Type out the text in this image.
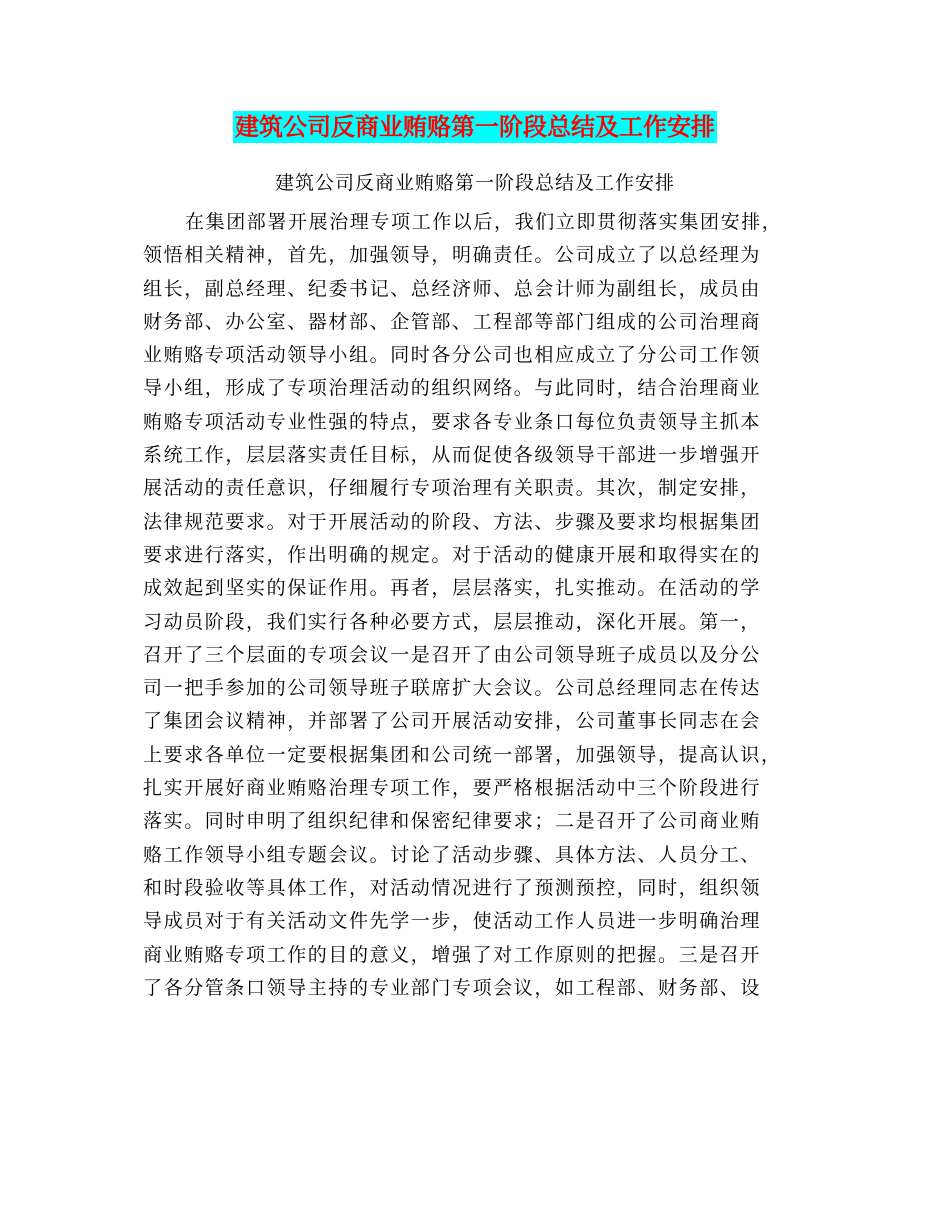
建筑公司反商业贿赂第一阶段总结及工作安排
建筑公司反商业贿赂第一阶段总结及工作安排
在集团部署开展治理专项工作以后，我们立即贯彻落实集团安排，
领悟相关精神，首先，加强领导，明确责任。公司成立了以总经理为
组长，副总经理、纪委书记、总经济师、总会计师为副组长，成员由
财务部、办公室、器材部、企管部、工程部等部门组成的公司治理商
业贿赂专项活动领导小组。同时各分公司也相应成立了分公司工作领
导小组，形成了专项治理活动的组织网络。与此同时，结合治理商业
贿赂专项活动专业性强的特点，要求各专业条口每位负责领导主抓本
系统工作，层层落实责任目标，从而促使各级领导干部进一步增强开
展活动的责任意识，仔细履行专项治理有关职责。其次，制定安排，
法律规范要求。对于开展活动的阶段、方法、步骤及要求均根据集团
要求进行落实，作出明确的规定。对于活动的健康开展和取得实在的
成效起到坚实的保证作用。再者，层层落实，扎实推动。在活动的学
习动员阶段，我们实行各种必要方式，层层推动，深化开展。第一，
召开了三个层面的专项会议一是召开了由公司领导班子成员以及分公
司一把手参加的公司领导班子联席扩大会议。公司总经理同志在传达
了集团会议精神，并部署了公司开展活动安排，公司董事长同志在会
上要求各单位一定要根据集团和公司统一部署，加强领导，提高认识，
扎实开展好商业贿赂治理专项工作，要严格根据活动中三个阶段进行
落实。同时申明了组织纪律和保密纪律要求；二是召开了公司商业贿
赂工作领导小组专题会议。讨论了活动步骤、具体方法、人员分工、
和时段验收等具体工作，对活动情况进行了预测预控，同时，组织领
导成员对于有关活动文件先学一步，使活动工作人员进一步明确治理
商业贿赂专项工作的目的意义，增强了对工作原则的把握。三是召开
了各分管条口领导主持的专业部门专项会议，如工程部、财务部、设
